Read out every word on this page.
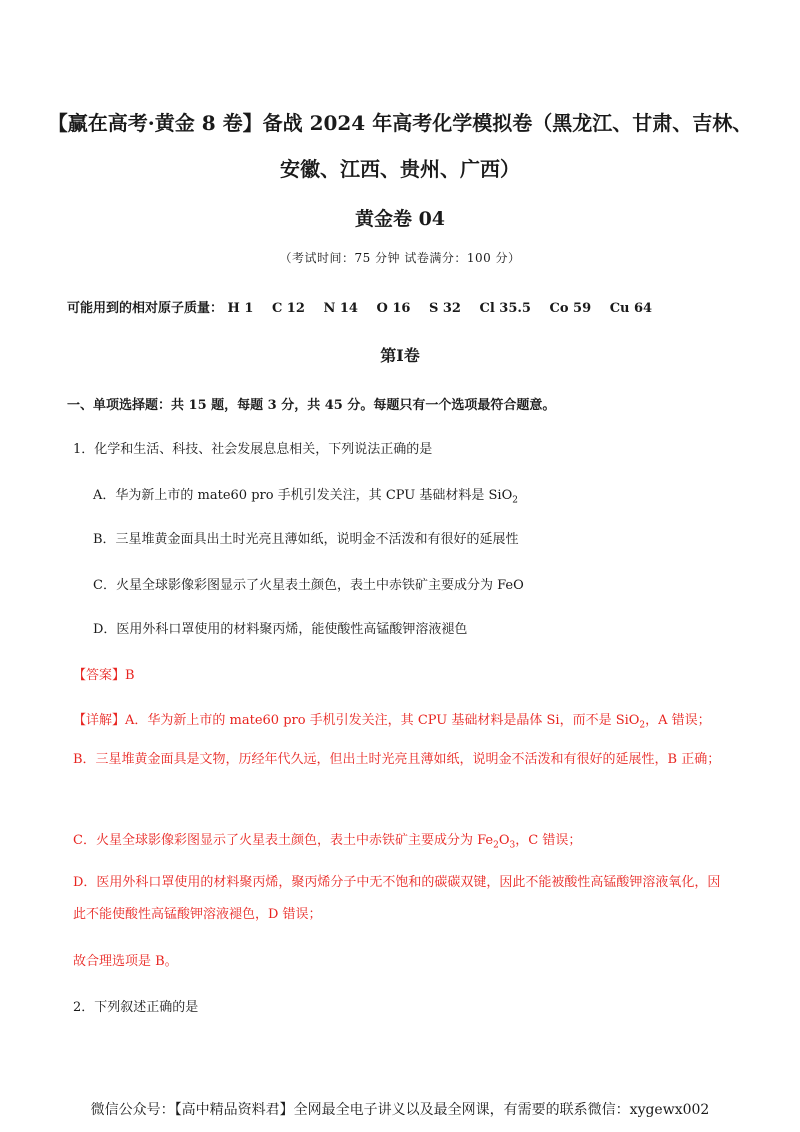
【赢在高考·黄金 8 卷】备战 2024 年高考化学模拟卷（黑龙江、甘肃、吉林、安徽、江西、贵州、广西）
黄金卷 04
（考试时间：75 分钟 试卷满分：100 分）
可能用到的相对原子质量： H 1 C 12 N 14 O 16 S 32 Cl 35.5 Co 59 Cu 64
第Ⅰ卷
一、单项选择题：共 15 题，每题 3 分，共 45 分。每题只有一个选项最符合题意。
1．化学和生活、科技、社会发展息息相关，下列说法正确的是
A．华为新上市的 mate60 pro 手机引发关注，其 CPU 基础材料是 SiO$_2$
B．三星堆黄金面具出土时光亮且薄如纸，说明金不活泼和有很好的延展性
C．火星全球影像彩图显示了火星表土颜色，表土中赤铁矿主要成分为 FeO
D．医用外科口罩使用的材料聚丙烯，能使酸性高锰酸钾溶液褪色
【答案】B
【详解】A．华为新上市的 mate60 pro 手机引发关注，其 CPU 基础材料是晶体 Si，而不是 SiO$_2$，A 错误；
B．三星堆黄金面具是文物，历经年代久远，但出土时光亮且薄如纸，说明金不活泼和有很好的延展性，B 正确；
C．火星全球影像彩图显示了火星表土颜色，表土中赤铁矿主要成分为 $Fe_2O_3$，C 错误；
D．医用外科口罩使用的材料聚丙烯，聚丙烯分子中无不饱和的碳碳双键，因此不能被酸性高锰酸钾溶液氧化，因此不能使酸性高锰酸钾溶液褪色，D 错误；
故合理选项是 B。
2．下列叙述正确的是
微信公众号：【高中精品资料君】全网最全电子讲义以及最全网课，有需要的联系微信：xygewx002
